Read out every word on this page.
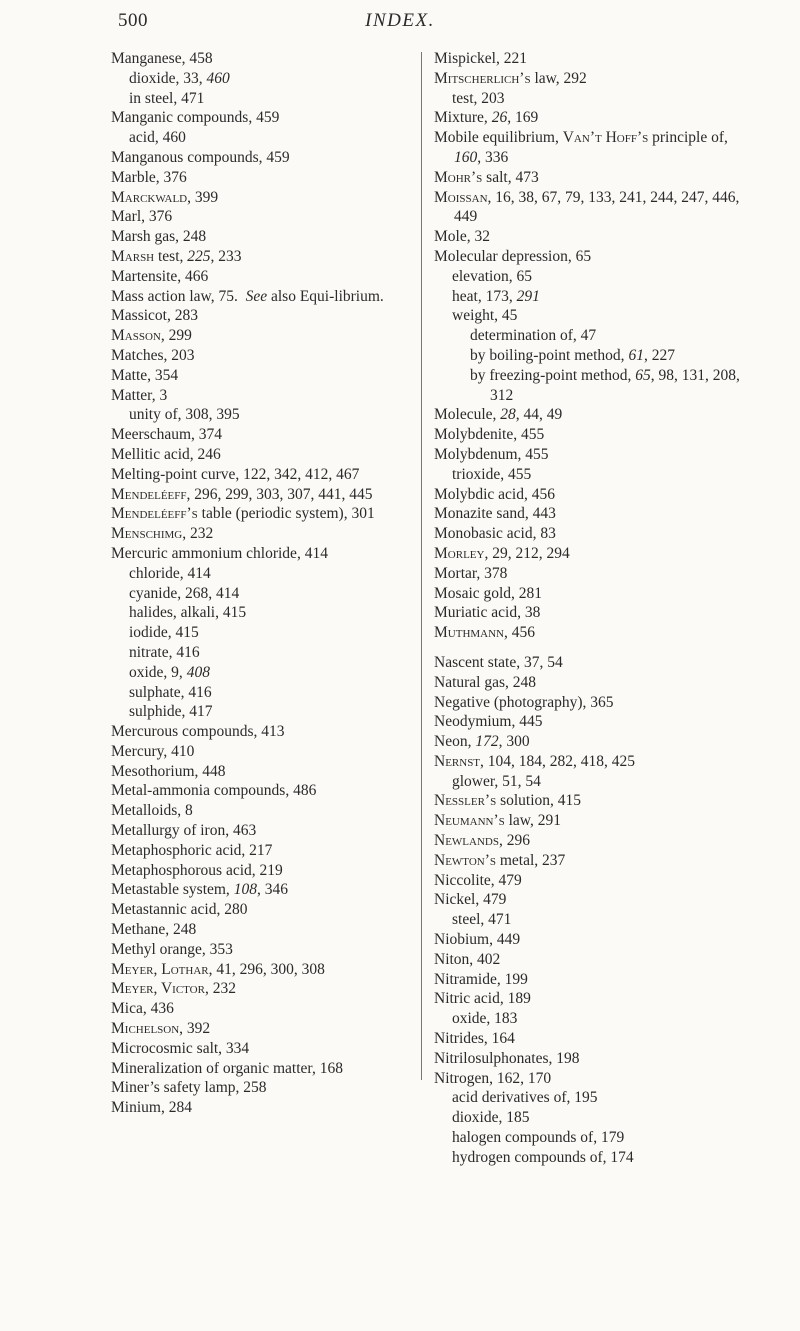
500	INDEX.
Manganese, 458
dioxide, 33, 460
in steel, 471
Manganic compounds, 459
acid, 460
Manganous compounds, 459
Marble, 376
Marckwald, 399
Marl, 376
Marsh gas, 248
Marsh test, 225, 233
Martensite, 466
Mass action law, 75.  See also Equi-librium.
Massicot, 283
Masson, 299
Matches, 203
Matte, 354
Matter, 3
unity of, 308, 395
Meerschaum, 374
Mellitic acid, 246
Melting-point curve, 122, 342, 412, 467
Mendeléeff, 296, 299, 303, 307, 441, 445
Mendeléeff’s table (periodic system), 301
Menschimg, 232
Mercuric ammonium chloride, 414
chloride, 414
cyanide, 268, 414
halides, alkali, 415
iodide, 415
nitrate, 416
oxide, 9, 408
sulphate, 416
sulphide, 417
Mercurous compounds, 413
Mercury, 410
Mesothorium, 448
Metal-ammonia compounds, 486
Metalloids, 8
Metallurgy of iron, 463
Metaphosphoric acid, 217
Metaphosphorous acid, 219
Metastable system, 108, 346
Metastannic acid, 280
Methane, 248
Methyl orange, 353
Meyer, Lothar, 41, 296, 300, 308
Meyer, Victor, 232
Mica, 436
Michelson, 392
Microcosmic salt, 334
Mineralization of organic matter, 168
Miner’s safety lamp, 258
Minium, 284
Mispickel, 221
Mitscherlich’s law, 292
test, 203
Mixture, 26, 169
Mobile equilibrium, Van’t Hoff’s principle of, 160, 336
Mohr’s salt, 473
Moissan, 16, 38, 67, 79, 133, 241, 244, 247, 446, 449
Mole, 32
Molecular depression, 65
elevation, 65
heat, 173, 291
weight, 45
determination of, 47
by boiling-point method, 61, 227
by freezing-point method, 65, 98, 131, 208, 312
Molecule, 28, 44, 49
Molybdenite, 455
Molybdenum, 455
trioxide, 455
Molybdic acid, 456
Monazite sand, 443
Monobasic acid, 83
Morley, 29, 212, 294
Mortar, 378
Mosaic gold, 281
Muriatic acid, 38
Muthmann, 456
Nascent state, 37, 54
Natural gas, 248
Negative (photography), 365
Neodymium, 445
Neon, 172, 300
Nernst, 104, 184, 282, 418, 425
glower, 51, 54
Nessler’s solution, 415
Neumann’s law, 291
Newlands, 296
Newton’s metal, 237
Niccolite, 479
Nickel, 479
steel, 471
Niobium, 449
Niton, 402
Nitramide, 199
Nitric acid, 189
oxide, 183
Nitrides, 164
Nitrilosulphonates, 198
Nitrogen, 162, 170
acid derivatives of, 195
dioxide, 185
halogen compounds of, 179
hydrogen compounds of, 174
